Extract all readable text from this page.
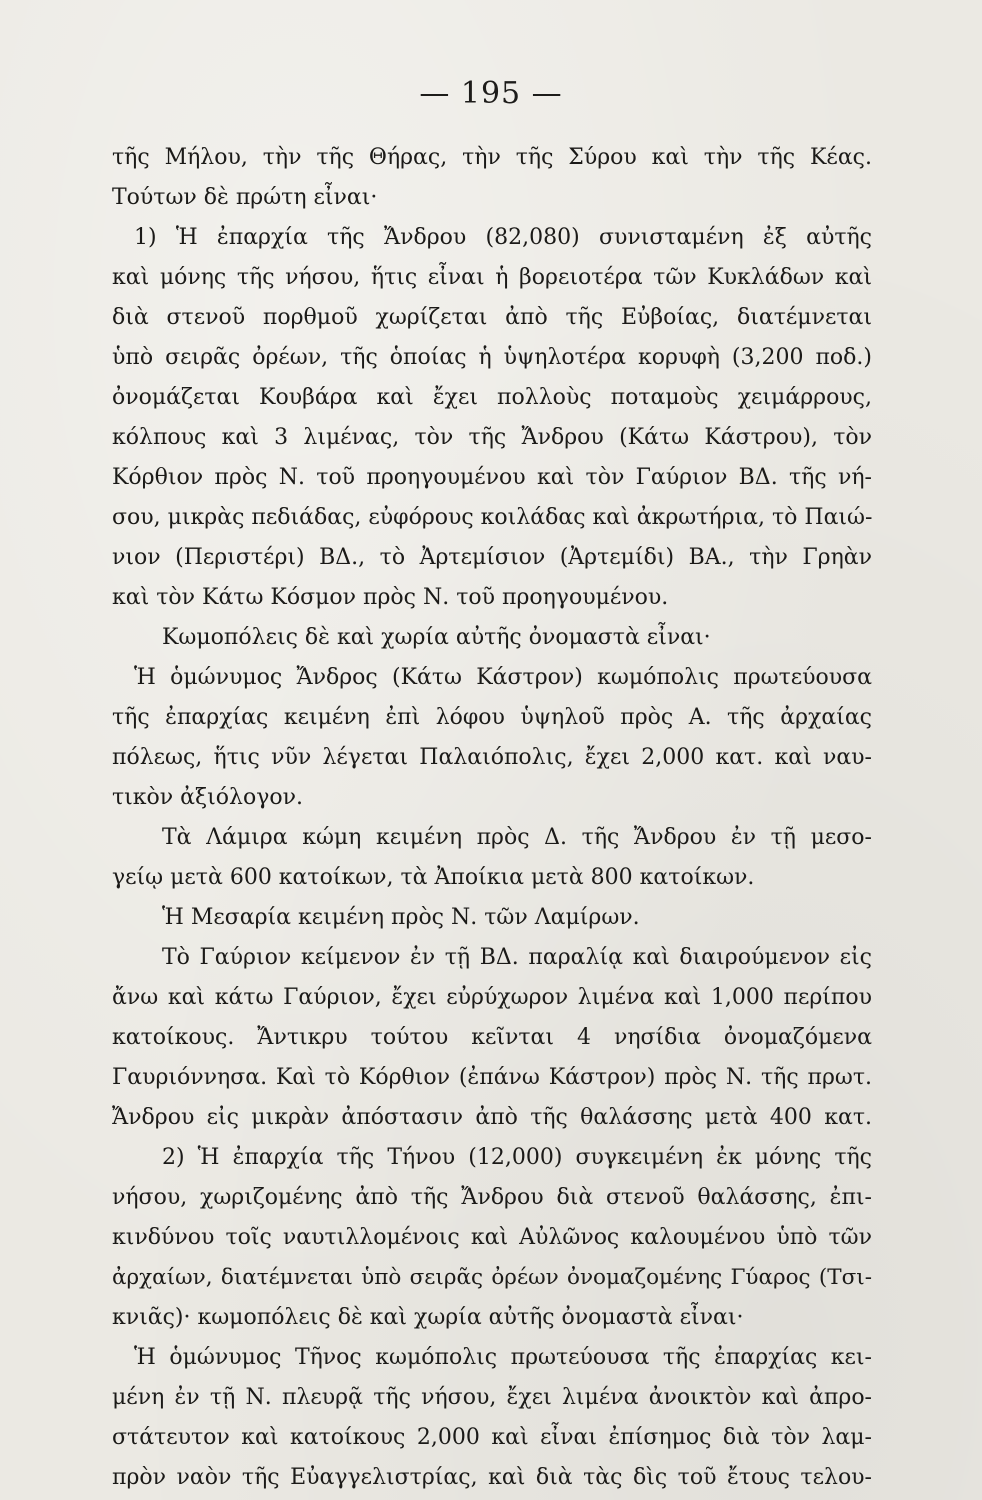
— 195 —
τῆς Μήλου, τὴν τῆς Θήρας, τὴν τῆς Σύρου καὶ τὴν τῆς Κέας.
Τούτων δὲ πρώτη εἶναι·
1) Ἡ ἐπαρχία τῆς Ἄνδρου (82,080) συνισταμένη ἐξ αὐτῆς
καὶ μόνης τῆς νήσου, ἥτις εἶναι ἡ βορειοτέρα τῶν Κυκλάδων καὶ
διὰ στενοῦ πορθμοῦ χωρίζεται ἀπὸ τῆς Εὐβοίας, διατέμνεται
ὑπὸ σειρᾶς ὀρέων, τῆς ὁποίας ἡ ὑψηλοτέρα κορυφὴ (3,200 ποδ.)
ὀνομάζεται Κουβάρα καὶ ἔχει πολλοὺς ποταμοὺς χειμάρρους,
κόλπους καὶ 3 λιμένας, τὸν τῆς Ἄνδρου (Κάτω Κάστρου), τὸν
Κόρθιον πρὸς Ν. τοῦ προηγουμένου καὶ τὸν Γαύριον ΒΔ. τῆς νή-
σου, μικρὰς πεδιάδας, εὐφόρους κοιλάδας καὶ ἀκρωτήρια, τὸ Παιώ-
νιον (Περιστέρι) ΒΔ., τὸ Ἀρτεμίσιον (Ἀρτεμίδι) ΒΑ., τὴν Γρηὰν
καὶ τὸν Κάτω Κόσμον πρὸς Ν. τοῦ προηγουμένου.
Κωμοπόλεις δὲ καὶ χωρία αὐτῆς ὀνομαστὰ εἶναι·
Ἡ ὁμώνυμος Ἄνδρος (Κάτω Κάστρον) κωμόπολις πρωτεύουσα
τῆς ἐπαρχίας κειμένη ἐπὶ λόφου ὑψηλοῦ πρὸς Α. τῆς ἀρχαίας
πόλεως, ἥτις νῦν λέγεται Παλαιόπολις, ἔχει 2,000 κατ. καὶ ναυ-
τικὸν ἀξιόλογον.
Τὰ Λάμιρα κώμη κειμένη πρὸς Δ. τῆς Ἄνδρου ἐν τῇ μεσο-
γείῳ μετὰ 600 κατοίκων, τὰ Ἀποίκια μετὰ 800 κατοίκων.
Ἡ Μεσαρία κειμένη πρὸς Ν. τῶν Λαμίρων.
Τὸ Γαύριον κείμενον ἐν τῇ ΒΔ. παραλίᾳ καὶ διαιρούμενον εἰς
ἄνω καὶ κάτω Γαύριον, ἔχει εὐρύχωρον λιμένα καὶ 1,000 περίπου
κατοίκους. Ἄντικρυ τούτου κεῖνται 4 νησίδια ὀνομαζόμενα
Γαυριόννησα. Καὶ τὸ Κόρθιον (ἐπάνω Κάστρον) πρὸς Ν. τῆς πρωτ.
Ἄνδρου εἰς μικρὰν ἀπόστασιν ἀπὸ τῆς θαλάσσης μετὰ 400 κατ.
2) Ἡ ἐπαρχία τῆς Τήνου (12,000) συγκειμένη ἐκ μόνης τῆς
νήσου, χωριζομένης ἀπὸ τῆς Ἄνδρου διὰ στενοῦ θαλάσσης, ἐπι-
κινδύνου τοῖς ναυτιλλομένοις καὶ Αὐλῶνος καλουμένου ὑπὸ τῶν
ἀρχαίων, διατέμνεται ὑπὸ σειρᾶς ὀρέων ὀνομαζομένης Γύαρος (Τσι-
κνιᾶς)· κωμοπόλεις δὲ καὶ χωρία αὐτῆς ὀνομαστὰ εἶναι·
Ἡ ὁμώνυμος Τῆνος κωμόπολις πρωτεύουσα τῆς ἐπαρχίας κει-
μένη ἐν τῇ Ν. πλευρᾷ τῆς νήσου, ἔχει λιμένα ἀνοικτὸν καὶ ἀπρο-
στάτευτον καὶ κατοίκους 2,000 καὶ εἶναι ἐπίσημος διὰ τὸν λαμ-
πρὸν ναὸν τῆς Εὐαγγελιστρίας, καὶ διὰ τὰς δὶς τοῦ ἔτους τελου-
